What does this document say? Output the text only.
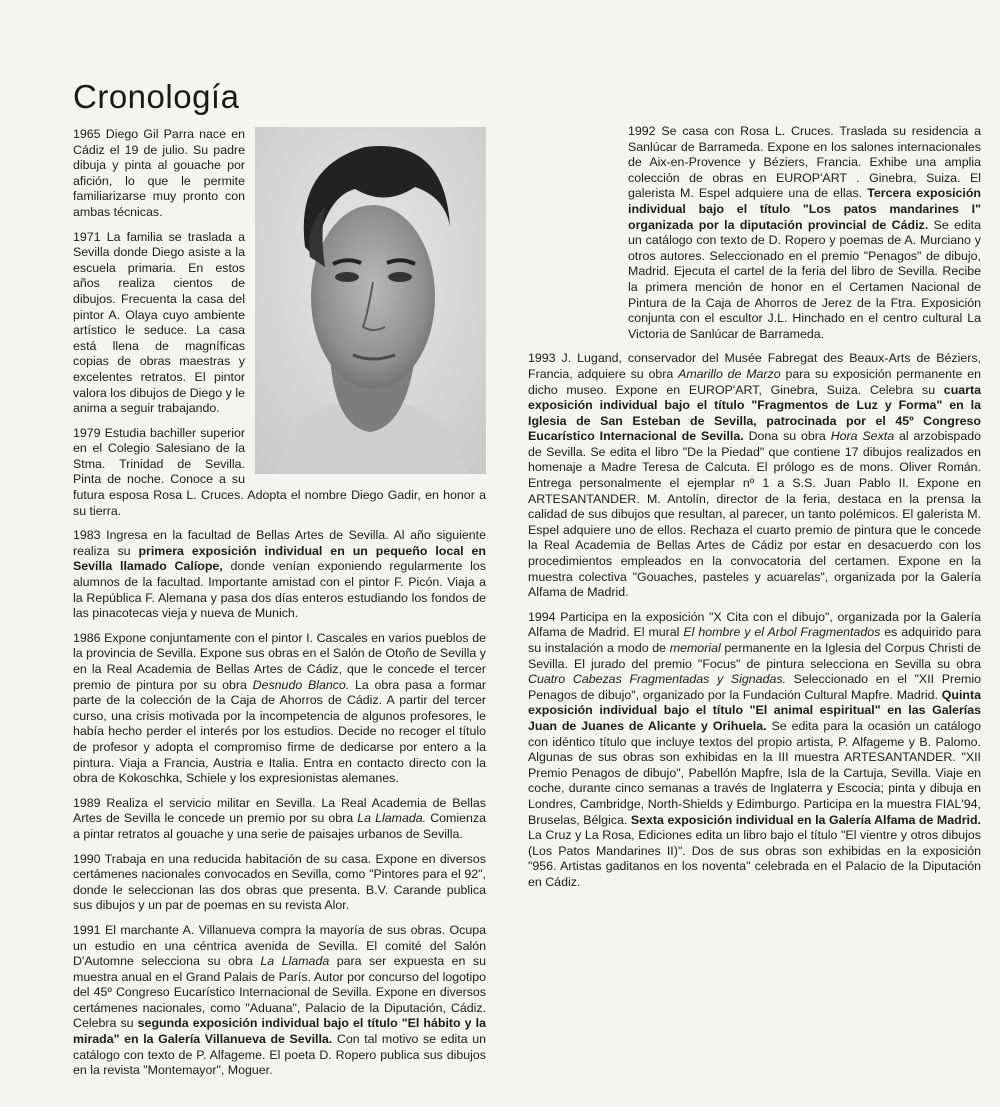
Cronología

1965 Diego Gil Parra nace en Cádiz el 19 de julio. Su padre dibuja y pinta al gouache por afición, lo que le permite familiarizarse muy pronto con ambas técnicas.

1971 La familia se traslada a Sevilla donde Diego asiste a la escuela primaria. En estos años realiza cientos de dibujos. Frecuenta la casa del pintor A. Olaya cuyo ambiente artístico le seduce. La casa está llena de magníficas copias de obras maestras y excelentes retratos. El pintor valora los dibujos de Diego y le anima a seguir trabajando.

1979 Estudia bachiller superior en el Colegio Salesiano de la Stma. Trinidad de Sevilla. Pinta de noche. Conoce a su futura esposa Rosa L. Cruces. Adopta el nombre Diego Gadir, en honor a su tierra.

1983 Ingresa en la facultad de Bellas Artes de Sevilla. Al año siguiente realiza su primera exposición individual en un pequeño local en Sevilla llamado Calíope, donde venían exponiendo regularmente los alumnos de la facultad. Importante amistad con el pintor F. Picón. Viaja a la República F. Alemana y pasa dos días enteros estudiando los fondos de las pinacotecas vieja y nueva de Munich.

1986 Expone conjuntamente con el pintor I. Cascales en varios pueblos de la provincia de Sevilla. Expone sus obras en el Salón de Otoño de Sevilla y en la Real Academia de Bellas Artes de Cádiz, que le concede el tercer premio de pintura por su obra Desnudo Blanco. La obra pasa a formar parte de la colección de la Caja de Ahorros de Cádiz. A partir del tercer curso, una crisis motivada por la incompetencia de algunos profesores, le había hecho perder el interés por los estudios. Decide no recoger el título de profesor y adopta el compromiso firme de dedicarse por entero a la pintura. Viaja a Francia, Austria e Italia. Entra en contacto directo con la obra de Kokoschka, Schiele y los expresionistas alemanes.

1989 Realiza el servicio militar en Sevilla. La Real Academia de Bellas Artes de Sevilla le concede un premio por su obra La Llamada. Comienza a pintar retratos al gouache y una serie de paisajes urbanos de Sevilla.

1990 Trabaja en una reducida habitación de su casa. Expone en diversos certámenes nacionales convocados en Sevilla, como "Pintores para el 92", donde le seleccionan las dos obras que presenta. B.V. Carande publica sus dibujos y un par de poemas en su revista Alor.

1991 El marchante A. Villanueva compra la mayoría de sus obras. Ocupa un estudio en una céntrica avenida de Sevilla. El comité del Salón D'Automne selecciona su obra La Llamada para ser expuesta en su muestra anual en el Grand Palais de París. Autor por concurso del logotipo del 45º Congreso Eucarístico Internacional de Sevilla. Expone en diversos certámenes nacionales, como "Aduana", Palacio de la Diputación, Cádiz. Celebra su segunda exposición individual bajo el título "El hábito y la mirada" en la Galería Villanueva de Sevilla. Con tal motivo se edita un catálogo con texto de P. Alfageme. El poeta D. Ropero publica sus dibujos en la revista "Montemayor", Moguer.

1992 Se casa con Rosa L. Cruces. Traslada su residencia a Sanlúcar de Barrameda. Expone en los salones internacionales de Aix-en-Provence y Béziers, Francia. Exhibe una amplia colección de obras en EUROP'ART . Ginebra, Suiza. El galerista M. Espel adquiere una de ellas. Tercera exposición individual bajo el título "Los patos mandarines I" organizada por la diputación provincial de Cádiz. Se edita un catálogo con texto de D. Ropero y poemas de A. Murciano y otros autores. Seleccionado en el premio "Penagos" de dibujo, Madrid. Ejecuta el cartel de la feria del libro de Sevilla. Recibe la primera mención de honor en el Certamen Nacional de Pintura de la Caja de Ahorros de Jerez de la Ftra. Exposición conjunta con el escultor J.L. Hinchado en el centro cultural La Victoria de Sanlúcar de Barrameda.

1993 J. Lugand, conservador del Musée Fabregat des Beaux-Arts de Béziers, Francia, adquiere su obra Amarillo de Marzo para su exposición permanente en dicho museo. Expone en EUROP'ART, Ginebra, Suiza. Celebra su cuarta exposición individual bajo el título "Fragmentos de Luz y Forma" en la Iglesia de San Esteban de Sevilla, patrocinada por el 45º Congreso Eucarístico Internacional de Sevilla. Dona su obra Hora Sexta al arzobispado de Sevilla. Se edita el libro "De la Piedad" que contiene 17 dibujos realizados en homenaje a Madre Teresa de Calcuta. El prólogo es de mons. Oliver Román. Entrega personalmente el ejemplar nº 1 a S.S. Juan Pablo II. Expone en ARTESANTANDER. M. Antolín, director de la feria, destaca en la prensa la calidad de sus dibujos que resultan, al parecer, un tanto polémicos. El galerista M. Espel adquiere uno de ellos. Rechaza el cuarto premio de pintura que le concede la Real Academia de Bellas Artes de Cádiz por estar en desacuerdo con los procedimientos empleados en la convocatoria del certamen. Expone en la muestra colectiva "Gouaches, pasteles y acuarelas", organizada por la Galería Alfama de Madrid.

1994 Participa en la exposición "X Cita con el dibujo", organizada por la Galería Alfama de Madrid. El mural El hombre y el Arbol Fragmentados es adquirido para su instalación a modo de memorial permanente en la Iglesia del Corpus Christi de Sevilla. El jurado del premio "Focus" de pintura selecciona en Sevilla su obra Cuatro Cabezas Fragmentadas y Signadas. Seleccionado en el "XII Premio Penagos de dibujo", organizado por la Fundación Cultural Mapfre. Madrid. Quinta exposición individual bajo el título "El animal espiritual" en las Galerías Juan de Juanes de Alicante y Orihuela. Se edita para la ocasión un catálogo con idéntico título que incluye textos del propio artista, P. Alfageme y B. Palomo. Algunas de sus obras son exhibidas en la III muestra ARTESANTANDER. "XII Premio Penagos de dibujo", Pabellón Mapfre, Isla de la Cartuja, Sevilla. Viaje en coche, durante cinco semanas a través de Inglaterra y Escocia; pinta y dibuja en Londres, Cambridge, North-Shields y Edimburgo. Participa en la muestra FIAL'94, Bruselas, Bélgica. Sexta exposición individual en la Galería Alfama de Madrid. La Cruz y La Rosa, Ediciones edita un libro bajo el título "El vientre y otros dibujos (Los Patos Mandarines II)". Dos de sus obras son exhibidas en la exposición "956. Artistas gaditanos en los noventa" celebrada en el Palacio de la Diputación en Cádiz.
